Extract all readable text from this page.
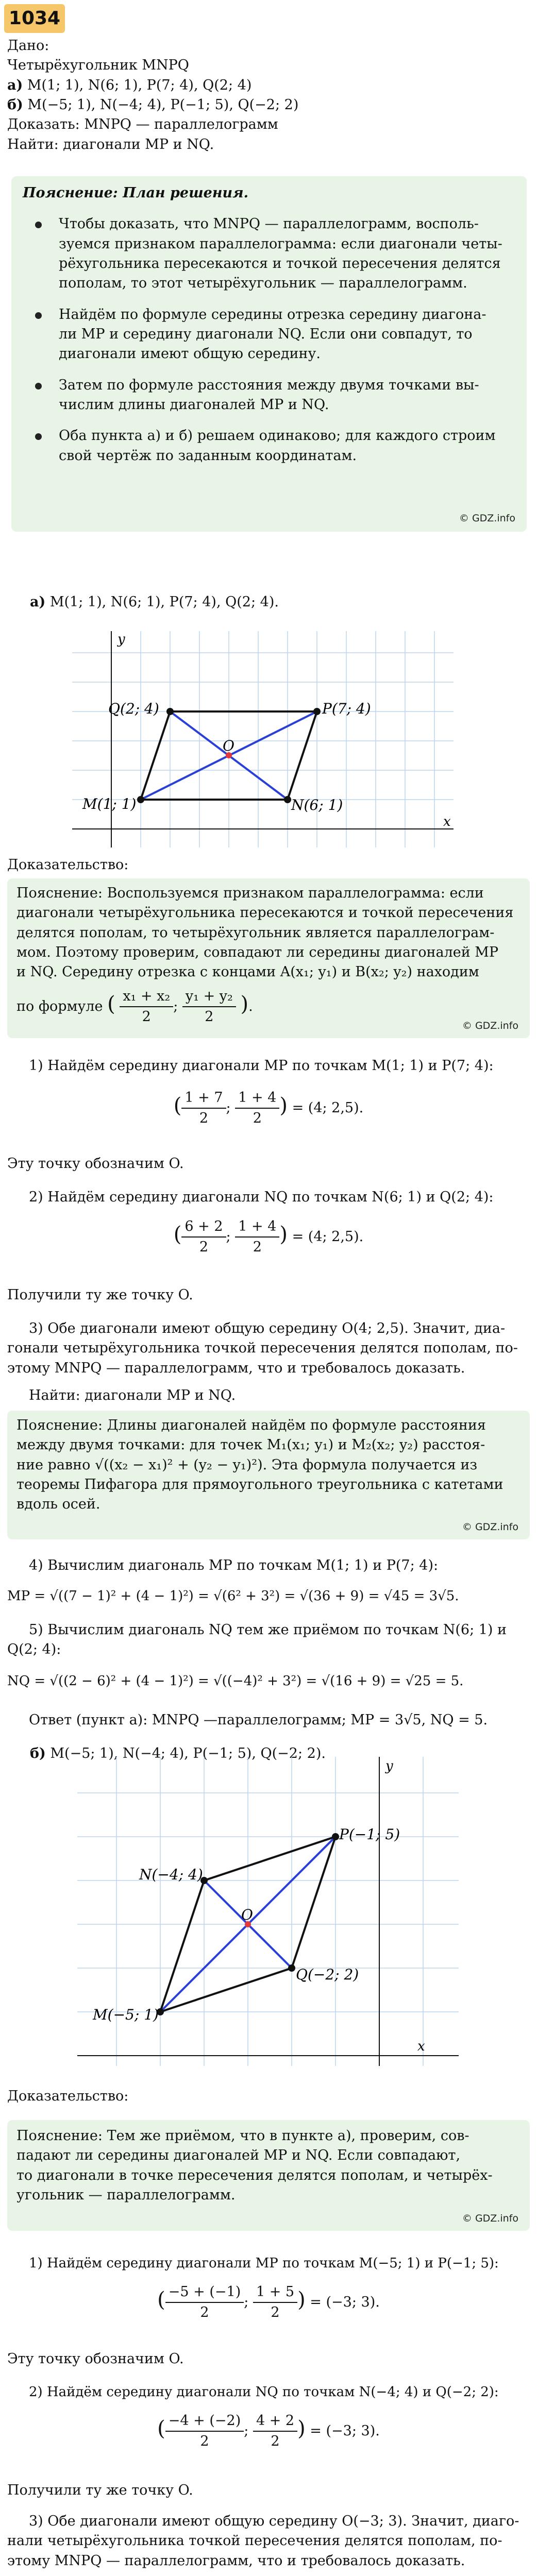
1034
Дано:
Четырёхугольник MNPQ
а) M(1; 1), N(6; 1), P(7; 4), Q(2; 4)
б) M(−5; 1), N(−4; 4), P(−1; 5), Q(−2; 2)
Доказать: MNPQ — параллелограмм
Найти: диагонали MP и NQ.
Пояснение: План решения.
Чтобы доказать, что MNPQ — параллелограмм, восполь-
зуемся признаком параллелограмма: если диагонали четы-
рёхугольника пересекаются и точкой пересечения делятся
пополам, то этот четырёхугольник — параллелограмм.
Найдём по формуле середины отрезка середину диагона-
ли MP и середину диагонали NQ. Если они совпадут, то
диагонали имеют общую середину.
Затем по формуле расстояния между двумя точками вы-
числим длины диагоналей MP и NQ.
Оба пункта а) и б) решаем одинаково; для каждого строим
свой чертёж по заданным координатам.
© GDZ.info
а) M(1; 1), N(6; 1), P(7; 4), Q(2; 4).
y
x
M(1; 1)	N(6; 1)
P(7; 4)
Q(2; 4)
O
Доказательство:
Пояснение: Воспользуемся признаком параллелограмма: если
диагонали четырёхугольника пересекаются и точкой пересечения
делятся пополам, то четырёхугольник является параллелограм-
мом. Поэтому проверим, совпадают ли середины диагоналей MP
и NQ. Середину отрезка с концами A(x₁; y₁) и B(x₂; y₂) находим
по формуле ( $\frac{\text{x₁ + x₂}}{2}$ ; $\frac{\text{y₁ + y₂}}{2}$ ).
© GDZ.info
1) Найдём середину диагонали MP по точкам M(1; 1) и P(7; 4):
( $\frac{1 + 7}{2}$ ; $\frac{1 + 4}{2}$ ) = (4; 2,5).
Эту точку обозначим O.
2) Найдём середину диагонали NQ по точкам N(6; 1) и Q(2; 4):
( $\frac{6 + 2}{2}$ ; $\frac{1 + 4}{2}$ ) = (4; 2,5).
Получили ту же точку O.
3) Обе диагонали имеют общую середину O(4; 2,5). Значит, диа-
гонали четырёхугольника точкой пересечения делятся пополам, по-
этому MNPQ — параллелограмм, что и требовалось доказать.
Найти: диагонали MP и NQ.
Пояснение: Длины диагоналей найдём по формуле расстояния
между двумя точками: для точек M₁(x₁; y₁) и M₂(x₂; y₂) расстоя-
ние равно √((x₂ − x₁)² + (y₂ − y₁)²). Эта формула получается из
теоремы Пифагора для прямоугольного треугольника с катетами
вдоль осей.
© GDZ.info
4) Вычислим диагональ MP по точкам M(1; 1) и P(7; 4):
MP = √((7 − 1)² + (4 − 1)²) = √(6² + 3²) = √(36 + 9) = √45 = 3√5.
5) Вычислим диагональ NQ тем же приёмом по точкам N(6; 1) и
Q(2; 4):
NQ = √((2 − 6)² + (4 − 1)²) = √((−4)² + 3²) = √(16 + 9) = √25 = 5.
Ответ (пункт а): MNPQ —параллелограмм; MP = 3√5, NQ = 5.
б) M(−5; 1), N(−4; 4), P(−1; 5), Q(−2; 2).
y
x
M(−5; 1)
N(−4; 4)
P(−1; 5)
Q(−2; 2)
O
Доказательство:
Пояснение: Тем же приёмом, что в пункте а), проверим, сов-
падают ли середины диагоналей MP и NQ. Если совпадают,
то диагонали в точке пересечения делятся пополам, и четырёх-
угольник — параллелограмм.
© GDZ.info
1) Найдём середину диагонали MP по точкам M(−5; 1) и P(−1; 5):
( $\frac{-5 + (-1)}{2}$ ; $\frac{1 + 5}{2}$ ) = (−3; 3).
Эту точку обозначим O.
2) Найдём середину диагонали NQ по точкам N(−4; 4) и Q(−2; 2):
( $\frac{-4 + (-2)}{2}$ ; $\frac{4 + 2}{2}$ ) = (−3; 3).
Получили ту же точку O.
3) Обе диагонали имеют общую середину O(−3; 3). Значит, диаго-
нали четырёхугольника точкой пересечения делятся пополам, по-
этому MNPQ — параллелограмм, что и требовалось доказать.
